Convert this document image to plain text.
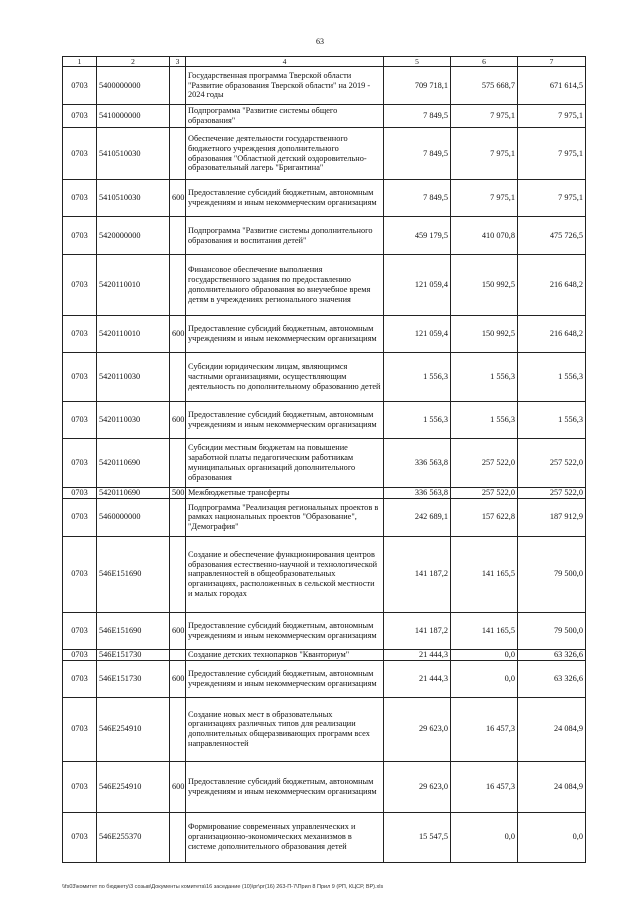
63
1	2	3	4	5	6	7
0703	5400000000		Государственная программа Тверской области "Развитие образования Тверской области" на 2019 - 2024 годы	709 718,1	575 668,7	671 614,5
0703	5410000000		Подпрограмма "Развитие системы общего образования"	7 849,5	7 975,1	7 975,1
0703	5410510030		Обеспечение деятельности государственного бюджетного учреждения дополнительного образования "Областной детский оздоровительно-образовательный лагерь "Бригантина"	7 849,5	7 975,1	7 975,1
0703	5410510030	600	Предоставление субсидий бюджетным, автономным учреждениям и иным некоммерческим организациям	7 849,5	7 975,1	7 975,1
0703	5420000000		Подпрограмма "Развитие системы дополнительного образования и воспитания детей"	459 179,5	410 070,8	475 726,5
0703	5420110010		Финансовое обеспечение выполнения государственного задания по предоставлению дополнительного образования во внеучебное время детям в учреждениях регионального значения	121 059,4	150 992,5	216 648,2
0703	5420110010	600	Предоставление субсидий бюджетным, автономным учреждениям и иным некоммерческим организациям	121 059,4	150 992,5	216 648,2
0703	5420110030		Субсидии юридическим лицам, являющимся частными организациями, осуществляющим деятельность по дополнительному образованию детей	1 556,3	1 556,3	1 556,3
0703	5420110030	600	Предоставление субсидий бюджетным, автономным учреждениям и иным некоммерческим организациям	1 556,3	1 556,3	1 556,3
0703	5420110690		Субсидии местным бюджетам на повышение заработной платы педагогическим работникам муниципальных организаций дополнительного образования	336 563,8	257 522,0	257 522,0
0703	5420110690	500	Межбюджетные трансферты	336 563,8	257 522,0	257 522,0
0703	5460000000		Подпрограмма "Реализация региональных проектов в рамках национальных проектов "Образование", "Демография"	242 689,1	157 622,8	187 912,9
0703	546E151690		Создание и обеспечение функционирования центров образования естественно-научной и технологической направленностей в общеобразовательных организациях, расположенных в сельской местности и малых городах	141 187,2	141 165,5	79 500,0
0703	546E151690	600	Предоставление субсидий бюджетным, автономным учреждениям и иным некоммерческим организациям	141 187,2	141 165,5	79 500,0
0703	546E151730		Создание детских технопарков "Кванториум"	21 444,3	0,0	63 326,6
0703	546E151730	600	Предоставление субсидий бюджетным, автономным учреждениям и иным некоммерческим организациям	21 444,3	0,0	63 326,6
0703	546E254910		Создание новых мест в образовательных организациях различных типов для реализации дополнительных общеразвивающих программ всех направленностей	29 623,0	16 457,3	24 084,9
0703	546E254910	600	Предоставление субсидий бюджетным, автономным учреждениям и иным некоммерческим организациям	29 623,0	16 457,3	24 084,9
0703	546E255370		Формирование современных управленческих и организационно-экономических механизмов в системе дополнительного образования детей	15 547,5	0,0	0,0
\\fs03\комитет по бюджету\3 созыв\Документы комитета\16 заседание (10)\рг\рг(16) 263-П-7\Прил 8 Прил 9 (РП, КЦСР, ВР).xls
